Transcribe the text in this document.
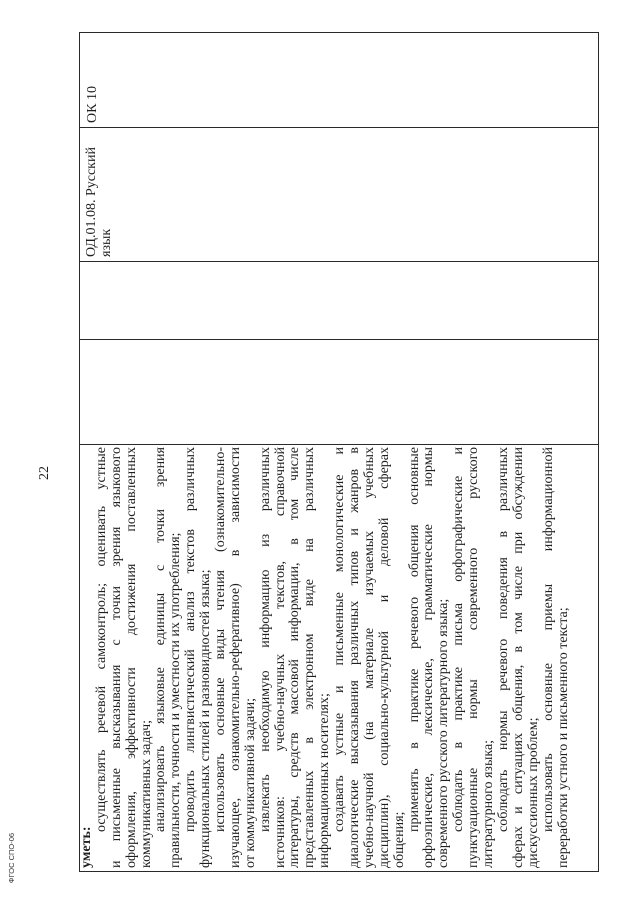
22
ФГОС СПО-06	уметь:
осуществлять речевой самоконтроль; оценивать устные и письменные высказывания с точки зрения языкового оформления, эффективности достижения поставленных коммуникативных задач; анализировать языковые единицы с точки зрения правильности, точности и уместности их употребления; проводить лингвистический анализ текстов различных функциональных стилей и разновидностей языка; использовать основные виды чтения (ознакомительно- изучающее, ознакомительно-реферативное) в зависимости от коммуникативной задачи; извлекать необходимую информацию из различных источников: учебно-научных текстов, справочной литературы, средств массовой информации, в том числе представленных в электронном виде на различных информационных носителях; создавать устные и письменные монологические и диалогические высказывания различных типов и жанров в учебно-научной (на материале изучаемых учебных дисциплин), социально-культурной и деловой сферах общения;
применять в практике речевого общения основные орфоэпические, лексические, грамматические нормы современного русского литературного языка; соблюдать в практике письма орфографические и пунктуационные нормы современного русского литературного языка; соблюдать нормы речевого поведения в различных сферах и ситуациях общения, в том числе при обсуждении дискуссионных проблем; использовать основные приемы информационной переработки устного и письменного текста;
ОД.01.08. Русский язык
ОК 10
